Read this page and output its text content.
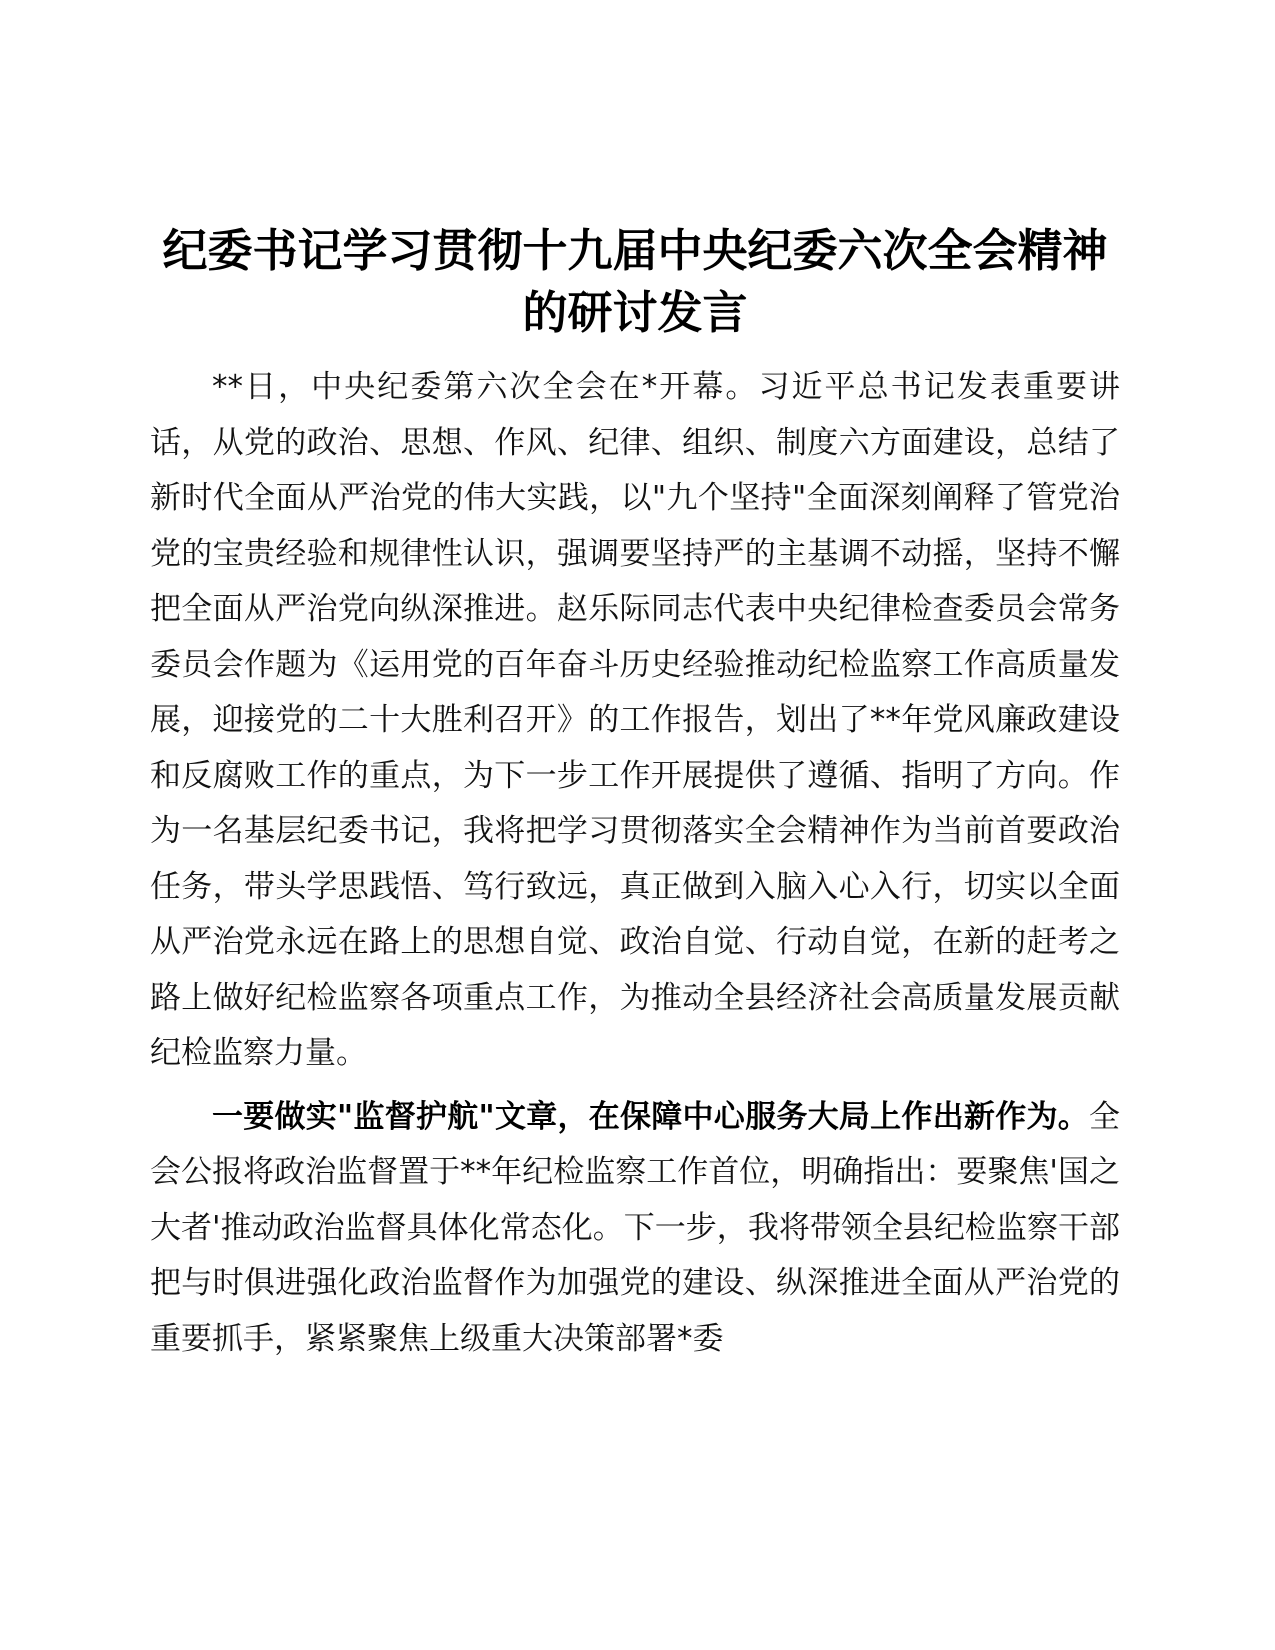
纪委书记学习贯彻十九届中央纪委六次全会精神
的研讨发言

**日，中央纪委第六次全会在*开幕。习近平总书记发表重要讲话，从党的政治、思想、作风、纪律、组织、制度六方面建设，总结了新时代全面从严治党的伟大实践，以"九个坚持"全面深刻阐释了管党治党的宝贵经验和规律性认识，强调要坚持严的主基调不动摇，坚持不懈把全面从严治党向纵深推进。赵乐际同志代表中央纪律检查委员会常务委员会作题为《运用党的百年奋斗历史经验推动纪检监察工作高质量发展，迎接党的二十大胜利召开》的工作报告，划出了**年党风廉政建设和反腐败工作的重点，为下一步工作开展提供了遵循、指明了方向。作为一名基层纪委书记，我将把学习贯彻落实全会精神作为当前首要政治任务，带头学思践悟、笃行致远，真正做到入脑入心入行，切实以全面从严治党永远在路上的思想自觉、政治自觉、行动自觉，在新的赶考之路上做好纪检监察各项重点工作，为推动全县经济社会高质量发展贡献纪检监察力量。

一要做实"监督护航"文章，在保障中心服务大局上作出新作为。全会公报将政治监督置于**年纪检监察工作首位，明确指出：要聚焦'国之大者'推动政治监督具体化常态化。下一步，我将带领全县纪检监察干部把与时俱进强化政治监督作为加强党的建设、纵深推进全面从严治党的重要抓手，紧紧聚焦上级重大决策部署*委
